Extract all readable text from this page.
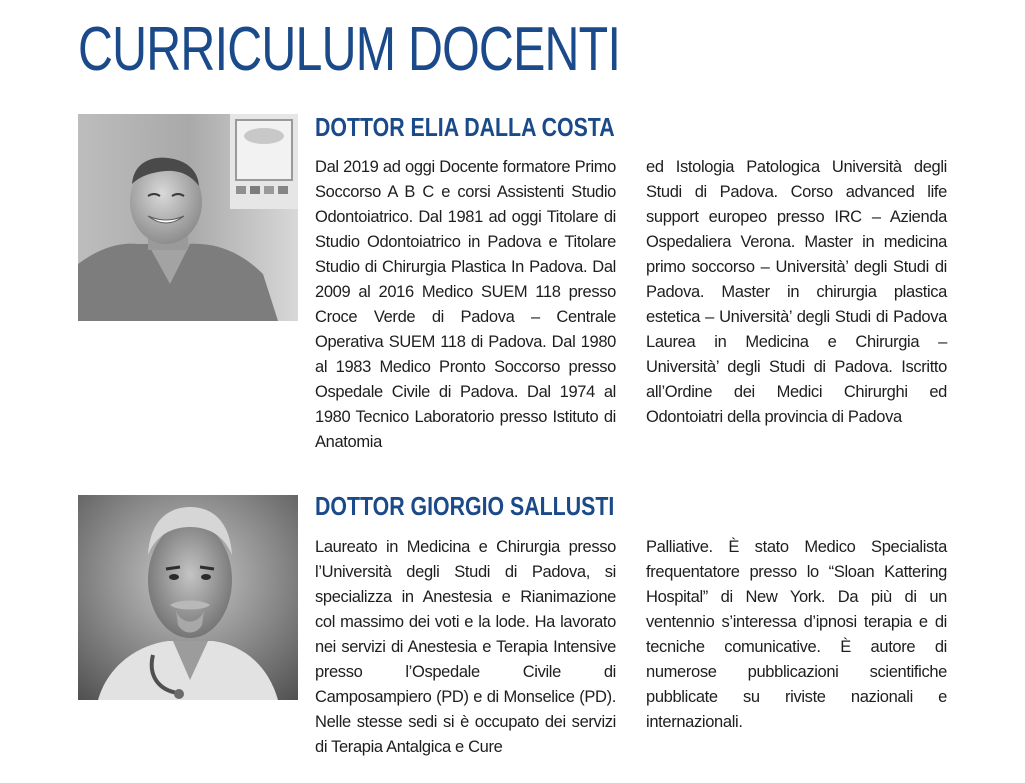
CURRICULUM DOCENTI
DOTTOR ELIA DALLA COSTA

Dal 2019 ad oggi Docente formatore Primo Soccorso A B C e corsi Assistenti Studio Odontoiatrico. Dal 1981 ad oggi Titolare di Studio Odontoiatrico in Padova e Titolare Studio di Chirurgia Plastica In Padova. Dal 2009 al 2016 Medico SUEM 118 presso Croce Verde di Padova – Centrale Operativa SUEM 118 di Padova. Dal 1980 al 1983 Medico Pronto Soccorso presso Ospedale Civile di Padova. Dal 1974 al 1980 Tecnico Laboratorio presso Istituto di Anatomia

ed Istologia Patologica Università degli Studi di Padova. Corso advanced life support europeo presso IRC – Azienda Ospedaliera Verona. Master in medicina primo soccorso – Università’ degli Studi di Padova. Master in chirurgia plastica estetica – Università’ degli Studi di Padova Laurea in Medicina e Chirurgia – Università’ degli Studi di Padova. Iscritto all’Ordine dei Medici Chirurghi ed Odontoiatri della provincia di Padova

DOTTOR GIORGIO SALLUSTI

Laureato in Medicina e Chirurgia presso l’Università degli Studi di Padova, si specializza in Anestesia e Rianimazione col massimo dei voti e la lode. Ha lavorato nei servizi di Anestesia e Terapia Intensive presso l’Ospedale Civile di Camposampiero (PD) e di Monselice (PD). Nelle stesse sedi si è occupato dei servizi di Terapia Antalgica e Cure

Palliative. È stato Medico Specialista frequentatore presso lo “Sloan Kattering Hospital” di New York. Da più di un ventennio s’interessa d’ipnosi terapia e di tecniche comunicative. È autore di numerose pubblicazioni scientifiche pubblicate su riviste nazionali e internazionali.
